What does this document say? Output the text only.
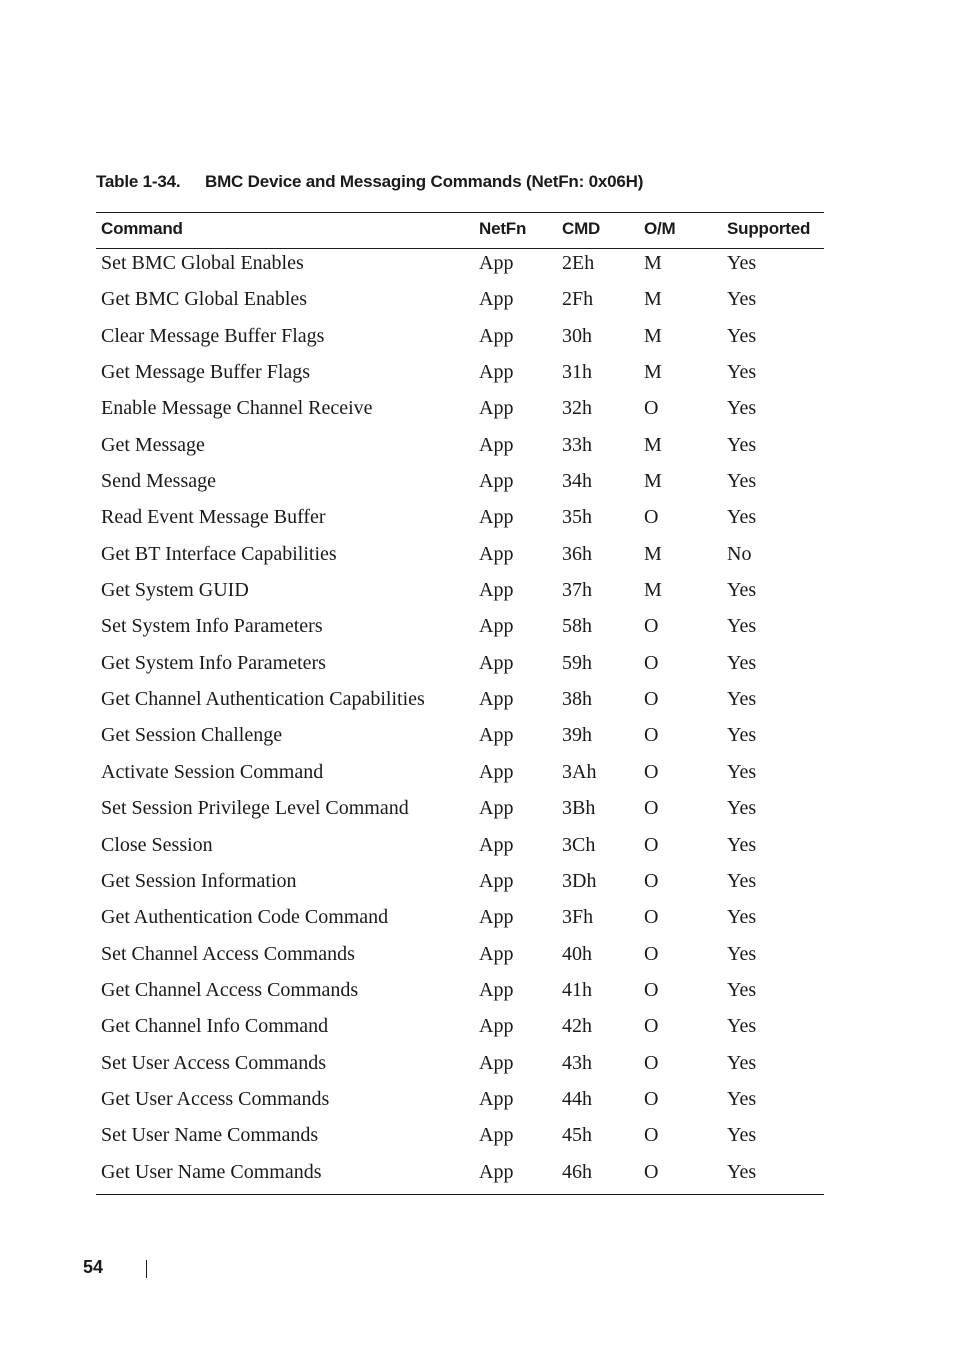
Table 1-34. BMC Device and Messaging Commands (NetFn: 0x06H)
Command	NetFn CMD	O/M	Supported
Set BMC Global Enables	App 2Eh M	Yes
Get BMC Global Enables	App 2Fh	M	Yes
Clear Message Buffer Flags	App 30h	M	Yes
Get Message Buffer Flags	App 31h	M	Yes
Enable Message Channel Receive	App 32h	O	Yes
Get Message	App 33h	M	Yes
Send Message	App 34h	M	Yes
Read Event Message Buffer	App 35h	O	Yes
Get BT Interface Capabilities	App 36h	M	No
Get System GUID	App 37h	M	Yes
Set System Info Parameters	App 58h	O	Yes
Get System Info Parameters	App 59h	O	Yes
Get Channel Authentication Capabilities	App 38h	O	Yes
Get Session Challenge	App 39h	O	Yes
Activate Session Command	App 3Ah O	Yes
Set Session Privilege Level Command	App 3Bh O	Yes
Close Session	App 3Ch O	Yes
Get Session Information	App 3Dh O	Yes
Get Authentication Code Command	App 3Fh	O	Yes
Set Channel Access Commands	App 40h	O	Yes
Get Channel Access Commands	App 41h	O	Yes
Get Channel Info Command	App 42h	O	Yes
Set User Access Commands	App 43h	O	Yes
Get User Access Commands	App 44h	O	Yes
Set User Name Commands	App 45h	O	Yes
Get User Name Commands	App 46h	O	Yes
54
